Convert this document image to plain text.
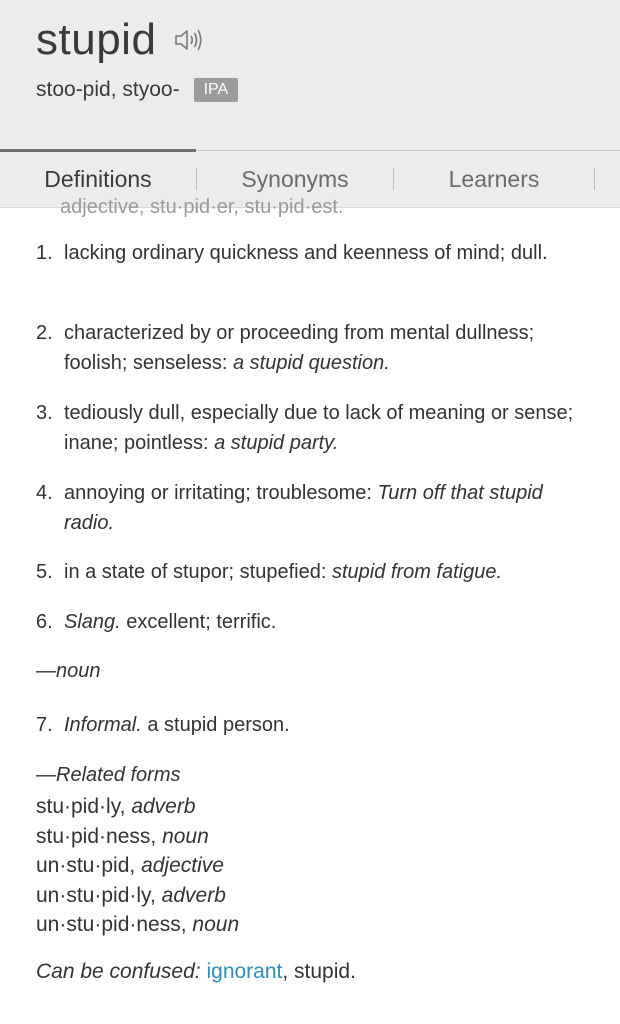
stupid
stoo-pid, styoo-	IPA
Definitions	Synonyms	Learners
adjective, stu·pid·er, stu·pid·est.
1. lacking ordinary quickness and keenness of mind; dull.
2. characterized by or proceeding from mental dullness; foolish; senseless: a stupid question.
3. tediously dull, especially due to lack of meaning or sense; inane; pointless: a stupid party.
4. annoying or irritating; troublesome: Turn off that stupid radio.
5. in a state of stupor; stupefied: stupid from fatigue.
6. Slang. excellent; terrific.
—noun
7. Informal. a stupid person.
—Related forms
stu·pid·ly, adverb
stu·pid·ness, noun
un·stu·pid, adjective
un·stu·pid·ly, adverb
un·stu·pid·ness, noun
Can be confused: ignorant, stupid.
